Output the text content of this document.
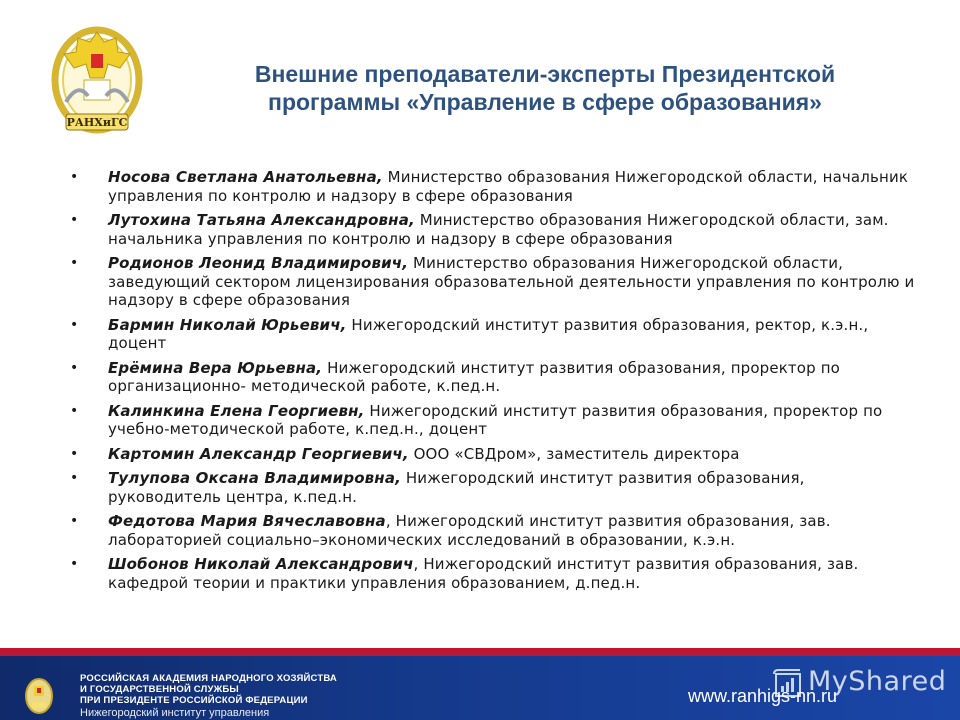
РАНХиГС
Внешние преподаватели-эксперты Президентской
программы «Управление в сфере образования»
• Носова Светлана Анатольевна, Министерство образования Нижегородской области, начальник управления по контролю и надзору в сфере образования
• Лутохина Татьяна Александровна, Министерство образования Нижегородской области, зам. начальника управления по контролю и надзору в сфере образования
• Родионов Леонид Владимирович, Министерство образования Нижегородской области, заведующий сектором лицензирования образовательной деятельности управления по контролю и надзору в сфере образования
• Бармин Николай Юрьевич, Нижегородский институт развития образования, ректор, к.э.н., доцент
• Ерёмина Вера Юрьевна, Нижегородский институт развития образования, проректор по организационно- методической работе, к.пед.н.
• Калинкина Елена Георгиевн, Нижегородский институт развития образования, проректор по учебно-методической работе, к.пед.н., доцент
• Картомин Александр Георгиевич, ООО «СВДром», заместитель директора
• Тулупова Оксана Владимировна, Нижегородский институт развития образования, руководитель центра, к.пед.н.
• Федотова Мария Вячеславовна, Нижегородский институт развития образования, зав. лабораторией социально–экономических исследований в образовании, к.э.н.
• Шобонов Николай Александрович, Нижегородский институт развития образования, зав. кафедрой теории и практики управления образованием, д.пед.н.
РОССИЙСКАЯ АКАДЕМИЯ НАРОДНОГО ХОЗЯЙСТВА
И ГОСУДАРСТВЕННОЙ СЛУЖБЫ
ПРИ ПРЕЗИДЕНТЕ РОССИЙСКОЙ ФЕДЕРАЦИИ
Нижегородский институт управления
MyShared
www.ranhigs-nn.ru
